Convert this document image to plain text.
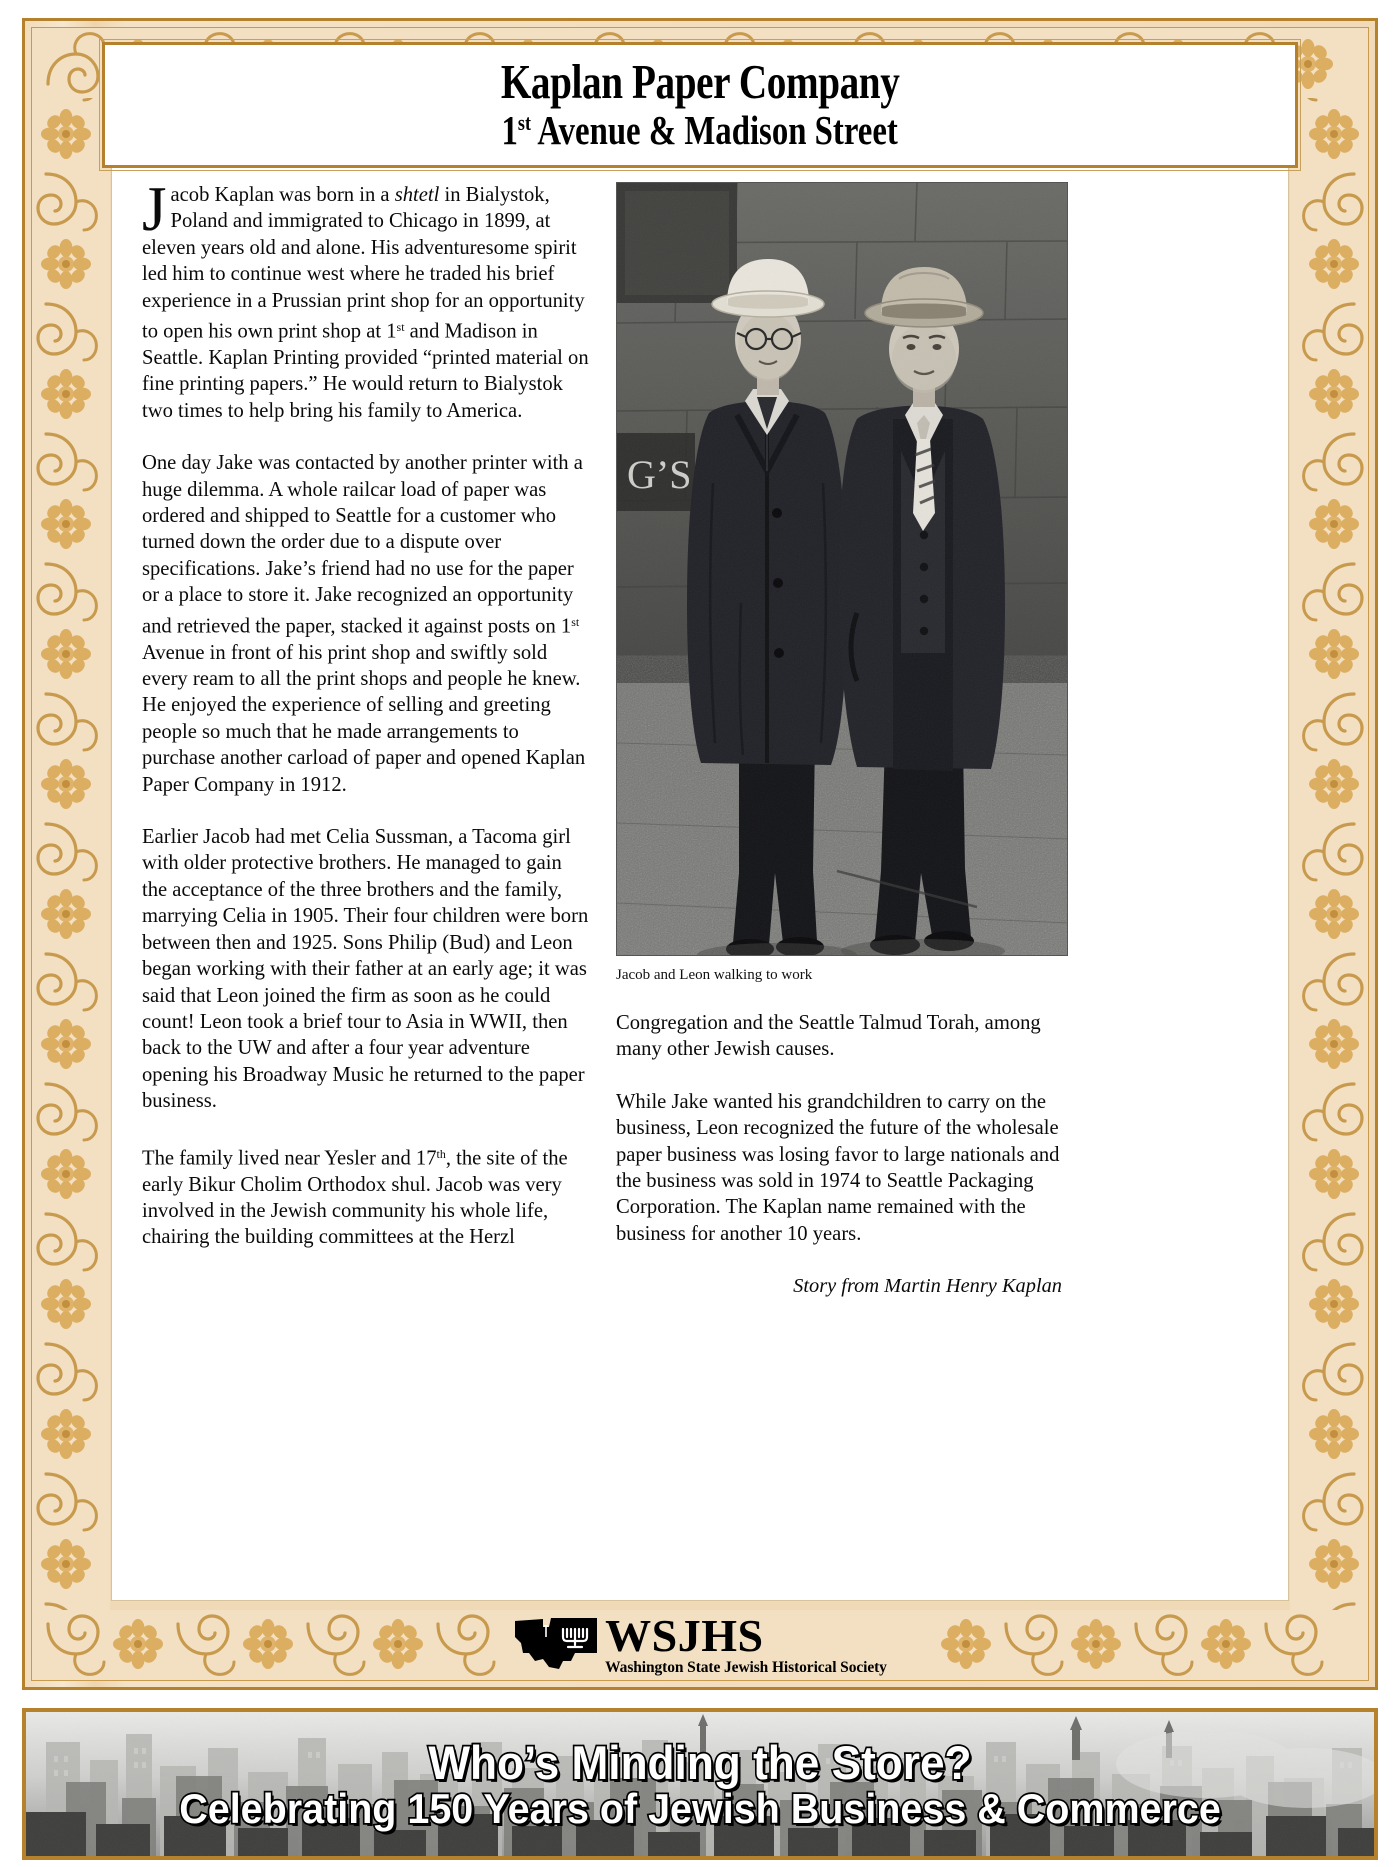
Kaplan Paper Company
1st Avenue & Madison Street

Jacob Kaplan was born in a shtetl in Bialystok, Poland and immigrated to Chicago in 1899, at eleven years old and alone. His adventuresome spirit led him to continue west where he traded his brief experience in a Prussian print shop for an opportunity to open his own print shop at 1st and Madison in Seattle. Kaplan Printing provided “printed material on fine printing papers.” He would return to Bialystok two times to help bring his family to America.

One day Jake was contacted by another printer with a huge dilemma. A whole railcar load of paper was ordered and shipped to Seattle for a customer who turned down the order due to a dispute over specifications. Jake’s friend had no use for the paper or a place to store it. Jake recognized an opportunity and retrieved the paper, stacked it against posts on 1st Avenue in front of his print shop and swiftly sold every ream to all the print shops and people he knew. He enjoyed the experience of selling and greeting people so much that he made arrangements to purchase another carload of paper and opened Kaplan Paper Company in 1912.

Earlier Jacob had met Celia Sussman, a Tacoma girl with older protective brothers. He managed to gain the acceptance of the three brothers and the family, marrying Celia in 1905. Their four children were born between then and 1925. Sons Philip (Bud) and Leon began working with their father at an early age; it was said that Leon joined the firm as soon as he could count! Leon took a brief tour to Asia in WWII, then back to the UW and after a four year adventure opening his Broadway Music he returned to the paper business.

The family lived near Yesler and 17th, the site of the early Bikur Cholim Orthodox shul. Jacob was very involved in the Jewish community his whole life, chairing the building committees at the Herzl

G’S
Jacob and Leon walking to work

Congregation and the Seattle Talmud Torah, among many other Jewish causes.

While Jake wanted his grandchildren to carry on the business, Leon recognized the future of the wholesale paper business was losing favor to large nationals and the business was sold in 1974 to Seattle Packaging Corporation. The Kaplan name remained with the business for another 10 years.

Story from Martin Henry Kaplan
WSJHS
Washington State Jewish Historical Society
Who’s Minding the Store?
Celebrating 150 Years of Jewish Business & Commerce
